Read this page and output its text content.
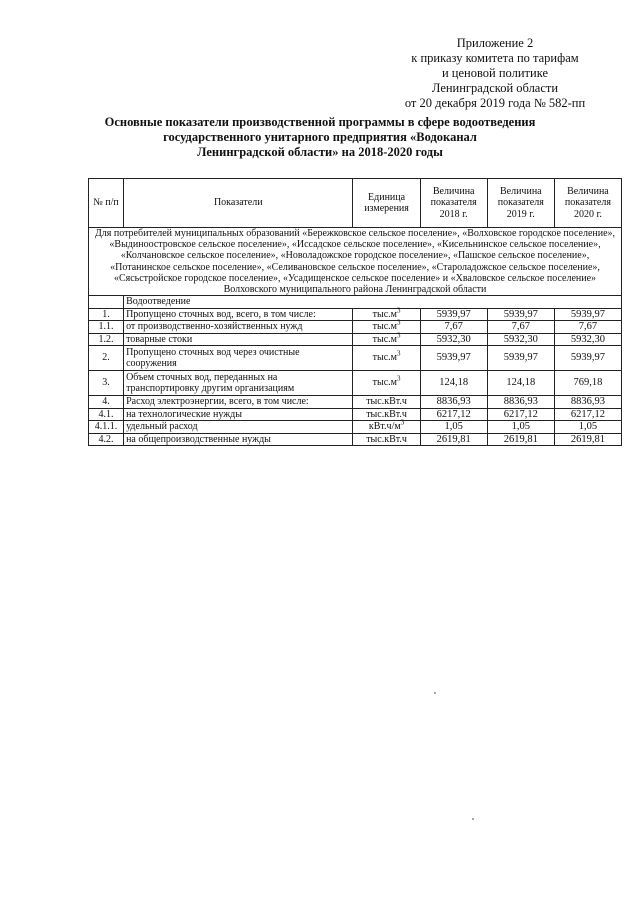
Приложение 2
к приказу комитета по тарифам
и ценовой политике
Ленинградской области
от 20 декабря 2019 года № 582-пп
Основные показатели производственной программы в сфере водоотведения
государственного унитарного предприятия «Водоканал
Ленинградской области» на 2018-2020 годы
№ п/п	Показатели	Единица измерения	Величина показателя 2018 г.	Величина показателя 2019 г.	Величина показателя 2020 г.
Для потребителей муниципальных образований «Бережковское сельское поселение», «Волховское городское поселение», «Выдиноостровское сельское поселение», «Иссадское сельское поселение», «Кисельнинское сельское поселение», «Колчановское сельское поселение», «Новоладожское городское поселение», «Пашское сельское поселение», «Потанинское сельское поселение», «Селивановское сельское поселение», «Староладожское сельское поселение», «Сясьстройское городское поселение», «Усадищенское сельское поселение» и «Хваловское сельское поселение» Волховского муниципального района Ленинградской области					
	Водоотведение				
1.	Пропущено сточных вод, всего, в том числе:	$тыс.м^3$	5939,97	5939,97	5939,97
1.1.	от производственно-хозяйственных нужд	$тыс.м^3$	7,67	7,67	7,67
1.2.	товарные стоки	$тыс.м^3$	5932,30	5932,30	5932,30
2.	Пропущено сточных вод через очистные сооружения	$тыс.м^3$	5939,97	5939,97	5939,97
3.	Объем сточных вод, переданных на транспортировку другим организациям	$тыс.м^3$	124,18	124,18	769,18
4.	Расход электроэнергии, всего, в том числе:	тыс.кВт.ч	8836,93	8836,93	8836,93
4.1.	на технологические нужды	тыс.кВт.ч	6217,12	6217,12	6217,12
4.1.1.	удельный расход	$кВт.ч/м^3$	1,05	1,05	1,05
4.2.	на общепроизводственные нужды	тыс.кВт.ч	2619,81	2619,81	2619,81
